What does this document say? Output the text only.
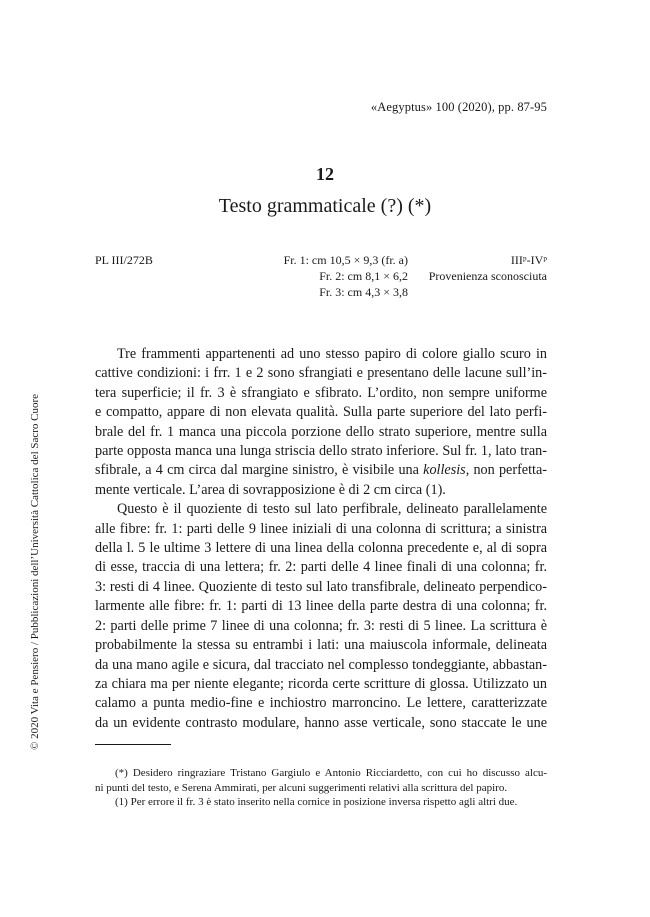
«Aegyptus» 100 (2020), pp. 87-95
12
Testo grammaticale (?) (*)
PL III/272B	Fr. 1: cm 10,5 × 9,3 (fr. a)
Fr. 2: cm 8,1 × 6,2
Fr. 3: cm 4,3 × 3,8
IIIᵖ-IVᵖ
Provenienza sconosciuta
Tre frammenti appartenenti ad uno stesso papiro di colore giallo scuro in
cattive condizioni: i frr. 1 e 2 sono sfrangiati e presentano delle lacune sull’in-
tera superficie; il fr. 3 è sfrangiato e sfibrato. L’ordito, non sempre uniforme
e compatto, appare di non elevata qualità. Sulla parte superiore del lato perfi-
brale del fr. 1 manca una piccola porzione dello strato superiore, mentre sulla
parte opposta manca una lunga striscia dello strato inferiore. Sul fr. 1, lato tran-
sfibrale, a 4 cm circa dal margine sinistro, è visibile una kollesis, non perfetta-
mente verticale. L’area di sovrapposizione è di 2 cm circa (1).
Questo è il quoziente di testo sul lato perfibrale, delineato parallelamente
alle fibre: fr. 1: parti delle 9 linee iniziali di una colonna di scrittura; a sinistra
della l. 5 le ultime 3 lettere di una linea della colonna precedente e, al di sopra
di esse, traccia di una lettera; fr. 2: parti delle 4 linee finali di una colonna; fr.
3: resti di 4 linee. Quoziente di testo sul lato transfibrale, delineato perpendico-
larmente alle fibre: fr. 1: parti di 13 linee della parte destra di una colonna; fr.
2: parti delle prime 7 linee di una colonna; fr. 3: resti di 5 linee. La scrittura è
probabilmente la stessa su entrambi i lati: una maiuscola informale, delineata
da una mano agile e sicura, dal tracciato nel complesso tondeggiante, abbastan-
za chiara ma per niente elegante; ricorda certe scritture di glossa. Utilizzato un
calamo a punta medio-fine e inchiostro marroncino. Le lettere, caratterizzate
da un evidente contrasto modulare, hanno asse verticale, sono staccate le une
(*) Desidero ringraziare Tristano Gargiulo e Antonio Ricciardetto, con cui ho discusso alcu-
ni punti del testo, e Serena Ammirati, per alcuni suggerimenti relativi alla scrittura del papiro.
(1) Per errore il fr. 3 è stato inserito nella cornice in posizione inversa rispetto agli altri due.
© 2020 Vita e Pensiero / Pubblicazioni dell’Università Cattolica del Sacro Cuore
